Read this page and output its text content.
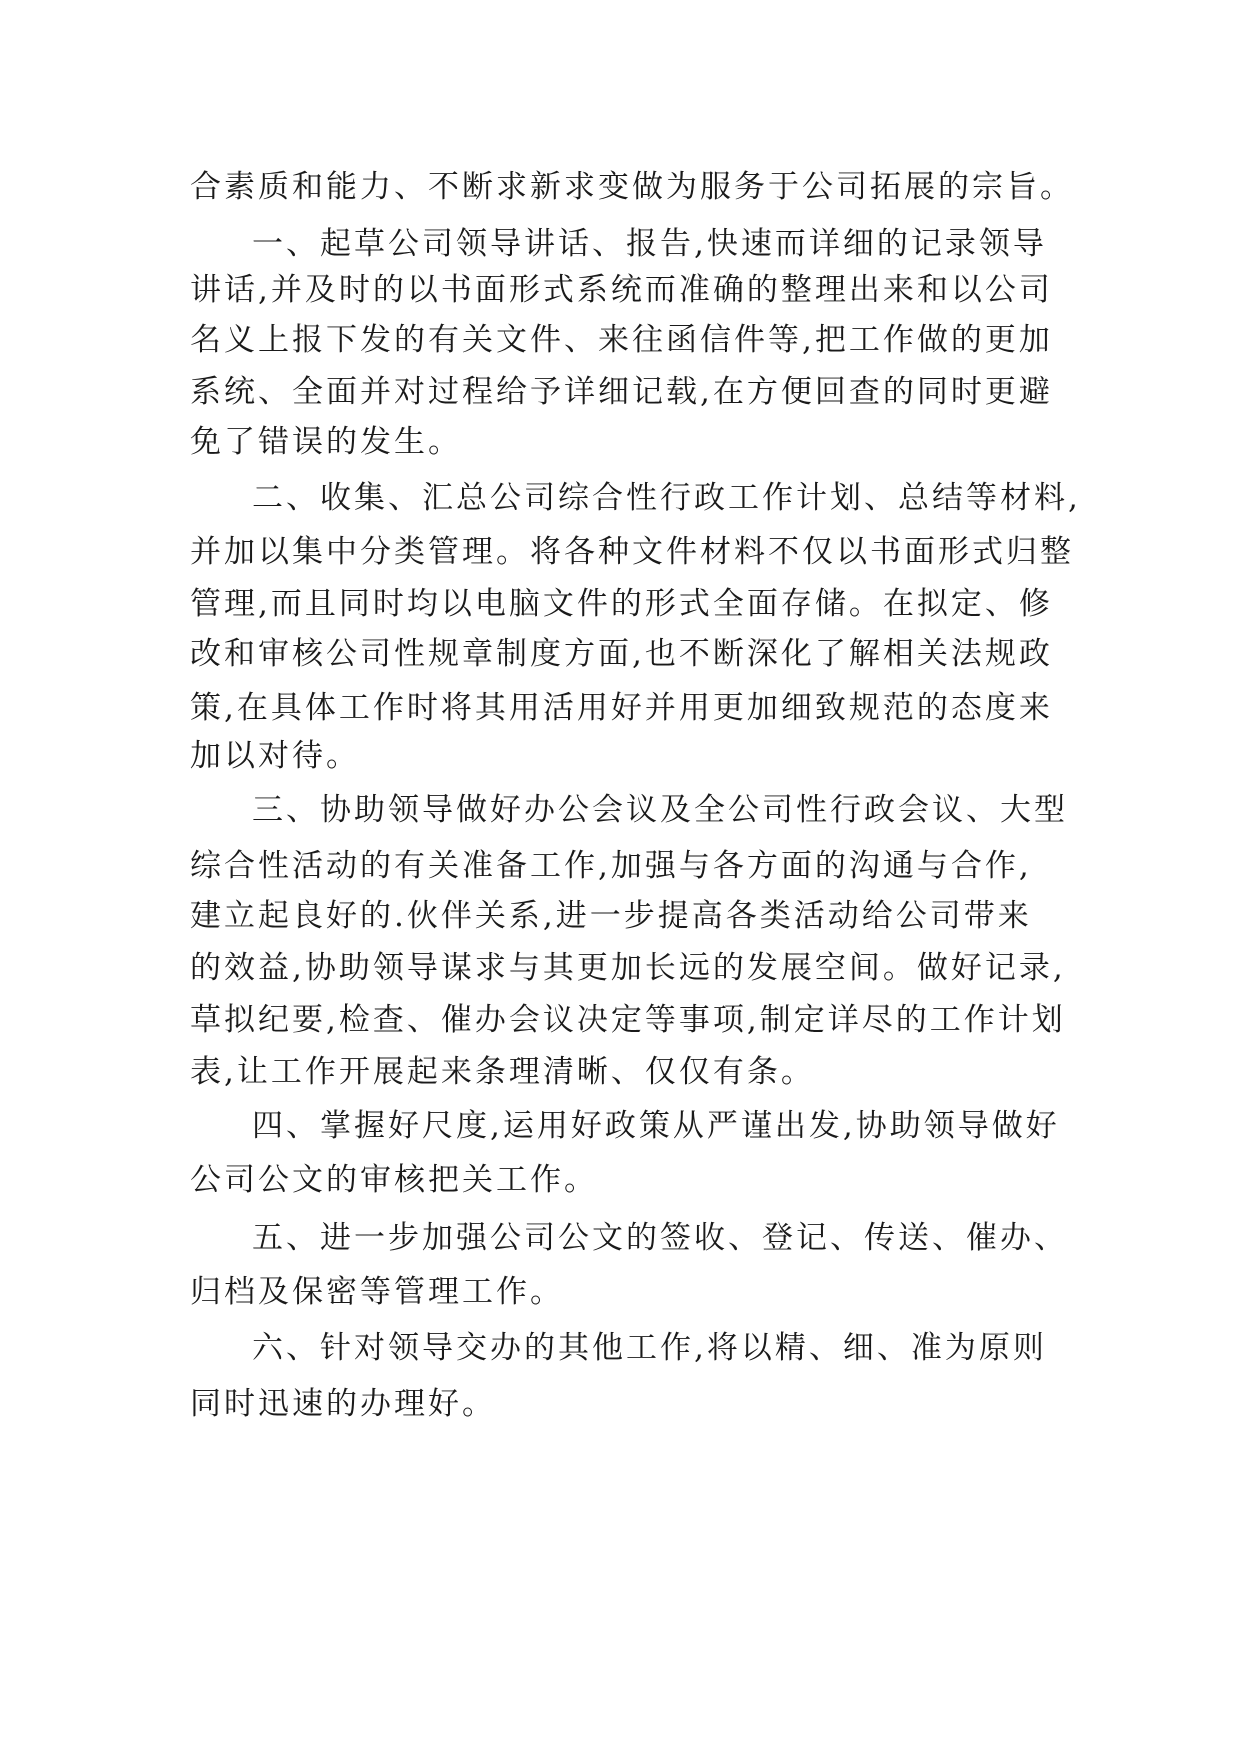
合素质和能力、不断求新求变做为服务于公司拓展的宗旨。
一、起草公司领导讲话、报告,快速而详细的记录领导
讲话,并及时的以书面形式系统而准确的整理出来和以公司
名义上报下发的有关文件、来往函信件等,把工作做的更加
系统、全面并对过程给予详细记载,在方便回查的同时更避
免了错误的发生。
二、收集、汇总公司综合性行政工作计划、总结等材料,
并加以集中分类管理。将各种文件材料不仅以书面形式归整
管理,而且同时均以电脑文件的形式全面存储。在拟定、修
改和审核公司性规章制度方面,也不断深化了解相关法规政
策,在具体工作时将其用活用好并用更加细致规范的态度来
加以对待。
三、协助领导做好办公会议及全公司性行政会议、大型
综合性活动的有关准备工作,加强与各方面的沟通与合作,
建立起良好的.伙伴关系,进一步提高各类活动给公司带来
的效益,协助领导谋求与其更加长远的发展空间。做好记录,
草拟纪要,检查、催办会议决定等事项,制定详尽的工作计划
表,让工作开展起来条理清晰、仅仅有条。
四、掌握好尺度,运用好政策从严谨出发,协助领导做好
公司公文的审核把关工作。
五、进一步加强公司公文的签收、登记、传送、催办、
归档及保密等管理工作。
六、针对领导交办的其他工作,将以精、细、准为原则
同时迅速的办理好。
